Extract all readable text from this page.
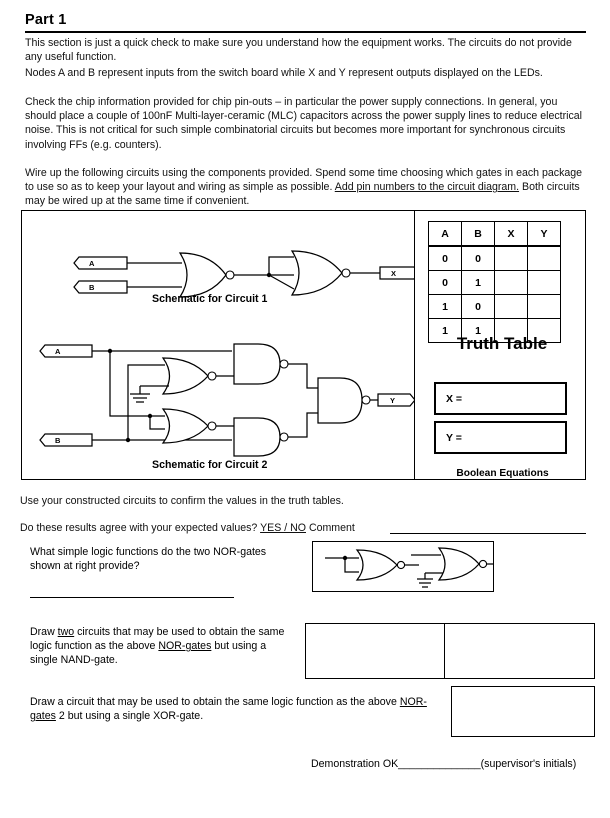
Part 1
This section is just a quick check to make sure you understand how the equipment works. The circuits do not provide any useful function.
Nodes A and B represent inputs from the switch board while X and Y represent outputs displayed on the LEDs.
Check the chip information provided for chip pin-outs – in particular the power supply connections. In general, you should place a couple of 100nF Multi-layer-ceramic (MLC) capacitors across the power supply lines to reduce electrical noise. This is not critical for such simple combinatorial circuits but becomes more important for synchronous circuits involving FFs (e.g. counters).
Wire up the following circuits using the components provided. Spend some time choosing which gates in each package to use so as to keep your layout and wiring as simple as possible. Add pin numbers to the circuit diagram. Both circuits may be wired up at the same time if convenient.
A
B
X
Schematic for Circuit 1
A
B
Y
Schematic for Circuit 2
A	B	X	Y
0	0		
0	1		
1	0		
1	1		
Truth Table
X =
Y =
Boolean Equations
Use your constructed circuits to confirm the values in the truth tables.
Do these results agree with your expected values? YES / NO Comment
What simple logic functions do the two NOR-gates
shown at right provide?
Draw two circuits that may be used to obtain the same
logic function as the above NOR-gates but using a
single NAND-gate.
Draw a circuit that may be used to obtain the same logic function as the above NOR-gates 2 but using a single XOR-gate.
Demonstration OK______________(supervisor's initials)
